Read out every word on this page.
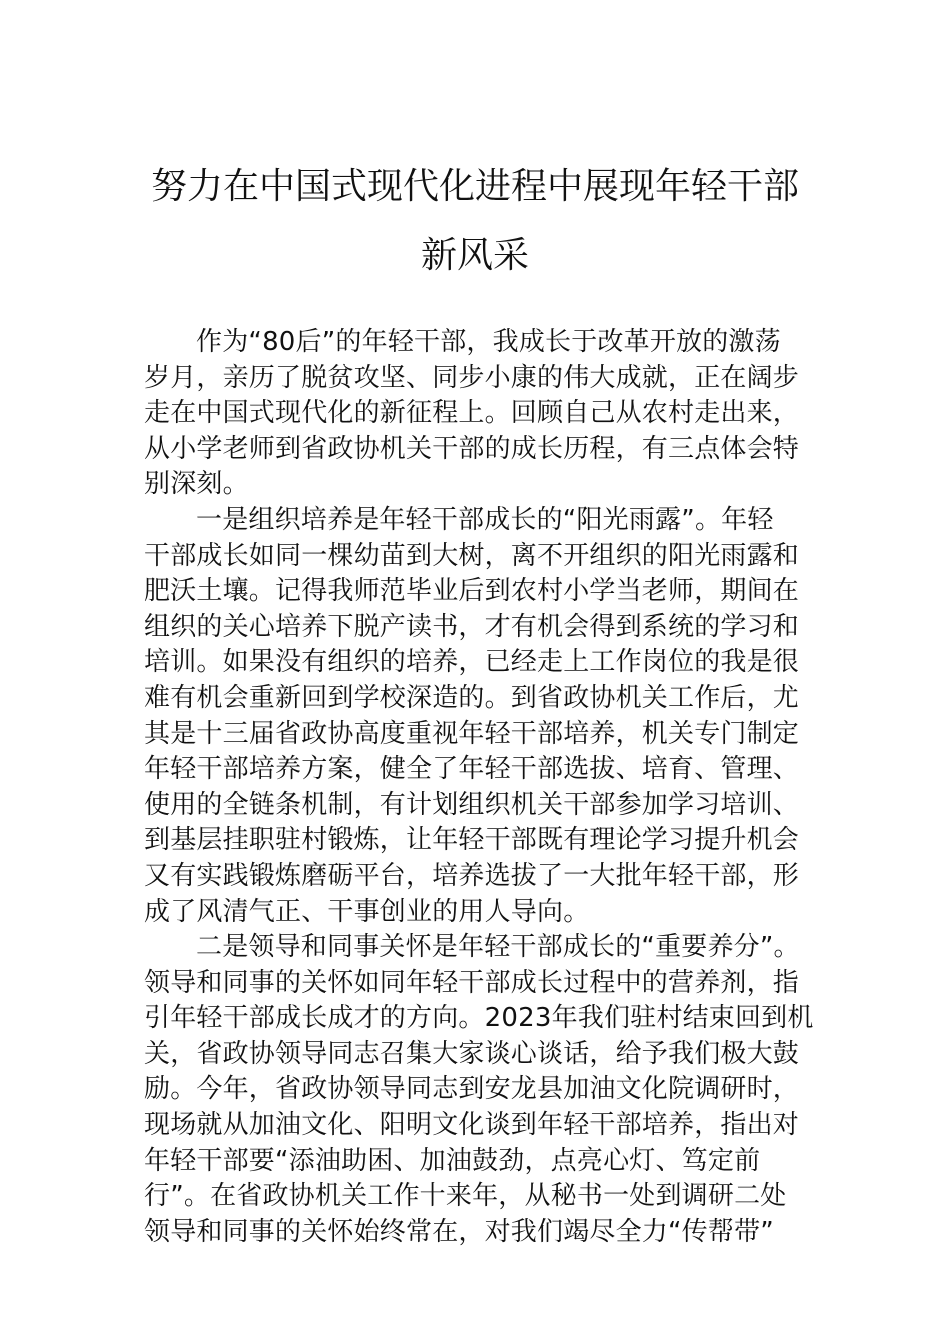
努力在中国式现代化进程中展现年轻干部
新风采
作为“80后”的年轻干部，我成长于改革开放的激荡
岁月，亲历了脱贫攻坚、同步小康的伟大成就，正在阔步
走在中国式现代化的新征程上。回顾自己从农村走出来，
从小学老师到省政协机关干部的成长历程，有三点体会特
别深刻。
一是组织培养是年轻干部成长的“阳光雨露”。年轻
干部成长如同一棵幼苗到大树，离不开组织的阳光雨露和
肥沃土壤。记得我师范毕业后到农村小学当老师，期间在
组织的关心培养下脱产读书，才有机会得到系统的学习和
培训。如果没有组织的培养，已经走上工作岗位的我是很
难有机会重新回到学校深造的。到省政协机关工作后，尤
其是十三届省政协高度重视年轻干部培养，机关专门制定
年轻干部培养方案，健全了年轻干部选拔、培育、管理、
使用的全链条机制，有计划组织机关干部参加学习培训、
到基层挂职驻村锻炼，让年轻干部既有理论学习提升机会
又有实践锻炼磨砺平台，培养选拔了一大批年轻干部，形
成了风清气正、干事创业的用人导向。
二是领导和同事关怀是年轻干部成长的“重要养分”。
领导和同事的关怀如同年轻干部成长过程中的营养剂，指
引年轻干部成长成才的方向。2023年我们驻村结束回到机
关，省政协领导同志召集大家谈心谈话，给予我们极大鼓
励。今年，省政协领导同志到安龙县加油文化院调研时，
现场就从加油文化、阳明文化谈到年轻干部培养，指出对
年轻干部要“添油助困、加油鼓劲，点亮心灯、笃定前
行”。在省政协机关工作十来年，从秘书一处到调研二处
领导和同事的关怀始终常在，对我们竭尽全力“传帮带”
